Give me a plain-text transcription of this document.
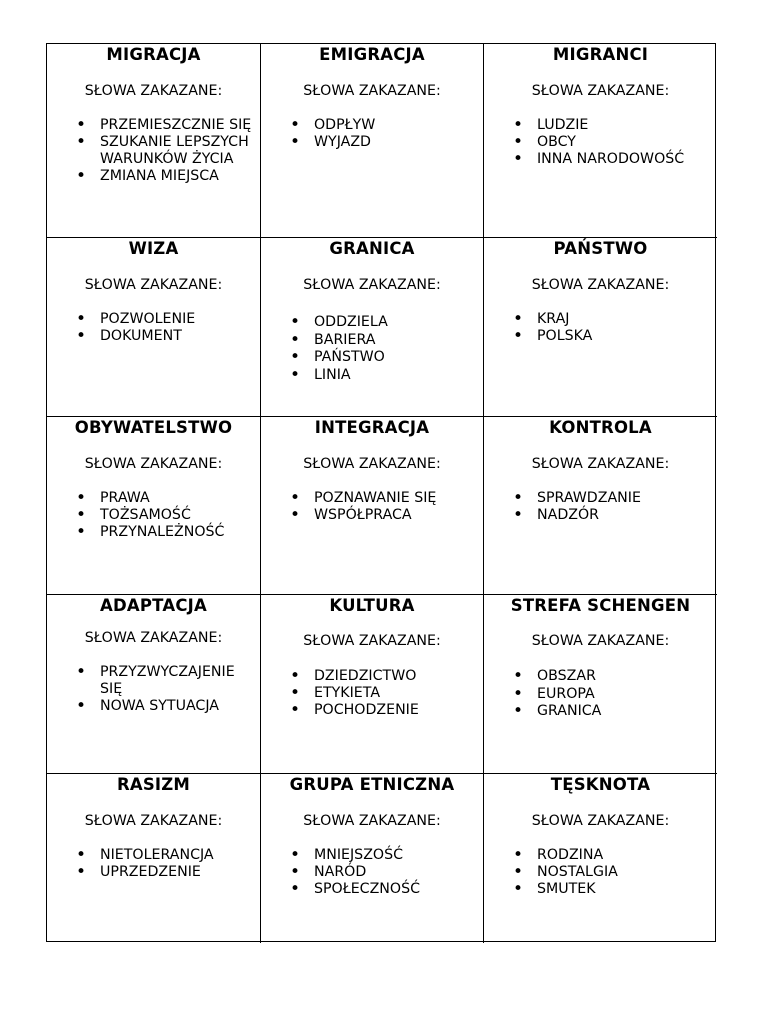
MIGRACJA
SŁOWA ZAKAZANE:
• PRZEMIESZCZNIE SIĘ
• SZUKANIE LEPSZYCH WARUNKÓW ŻYCIA
• ZMIANA MIEJSCA
EMIGRACJA
SŁOWA ZAKAZANE:
• ODPŁYW
• WYJAZD
MIGRANCI
SŁOWA ZAKAZANE:
• LUDZIE
• OBCY
• INNA NARODOWOŚĆ
WIZA
SŁOWA ZAKAZANE:
• POZWOLENIE
• DOKUMENT
GRANICA
SŁOWA ZAKAZANE:
• ODDZIELA
• BARIERA
• PAŃSTWO
• LINIA
PAŃSTWO
SŁOWA ZAKAZANE:
• KRAJ
• POLSKA
OBYWATELSTWO
SŁOWA ZAKAZANE:
• PRAWA
• TOŻSAMOŚĆ
• PRZYNALEŻNOŚĆ
INTEGRACJA
SŁOWA ZAKAZANE:
• POZNAWANIE SIĘ
• WSPÓŁPRACA
KONTROLA
SŁOWA ZAKAZANE:
• SPRAWDZANIE
• NADZÓR
ADAPTACJA
SŁOWA ZAKAZANE:
• PRZYZWYCZAJENIE SIĘ
• NOWA SYTUACJA
KULTURA
SŁOWA ZAKAZANE:
• DZIEDZICTWO
• ETYKIETA
• POCHODZENIE
STREFA SCHENGEN
SŁOWA ZAKAZANE:
• OBSZAR
• EUROPA
• GRANICA
RASIZM
SŁOWA ZAKAZANE:
• NIETOLERANCJA
• UPRZEDZENIE
GRUPA ETNICZNA
SŁOWA ZAKAZANE:
• MNIEJSZOŚĆ
• NARÓD
• SPOŁECZNOŚĆ
TĘSKNOTA
SŁOWA ZAKAZANE:
• RODZINA
• NOSTALGIA
• SMUTEK
